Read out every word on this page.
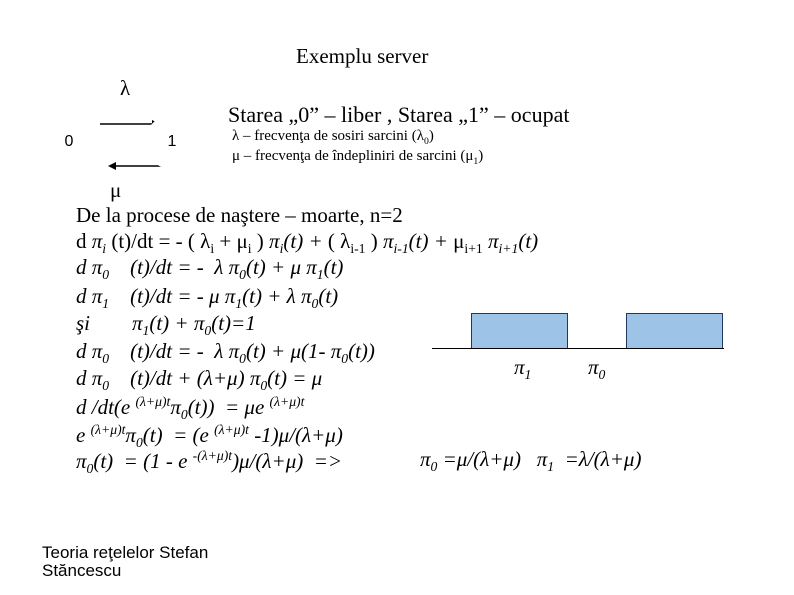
Exemplu server
λ
0	1
μ
Starea „0” – liber , Starea „1” – ocupat
λ – frecvenţa de sosiri sarcini $(\lambda_0)$
μ – frecvenţa de îndepliniri de sarcini $(\mu_1)$
De la procese de naştere – moarte, n=2
d $\pi_i$ (t)/dt = - ( $\lambda_i + \mu_i$ ) $\pi_i(t)$ + ( $\lambda_{i-1}$ ) $\pi_{i-1}(t) + \mu_{i+1}$ $\pi_{i+1}(t)$
d $\pi_0$    (t)/dt = -  λ $\pi_0(t) + \mu$ $\pi_1(t)$
d $\pi_1$    (t)/dt = - μ $\pi_1(t) + \lambda$ $\pi_0(t)$
şi        $\pi_1(t) + \pi_0(t)=1$
d $\pi_0$    (t)/dt = -  λ $\pi_0(t) + \mu(1-$ $\pi_0(t)$)
d $\pi_0$    (t)/dt + (λ+μ) $\pi_0(t) = \mu$
d /dt(e $^{(\lambda+\mu)t}\pi_0(t)) = \mu e$ $^{(\lambda+\mu)t}$
e $^{(\lambda+\mu)t}\pi_0(t) = (e$ $^{(\lambda+\mu)t}$ -1)μ/(λ+μ)
$\pi_0(t) = (1 - e$ $^{-(\lambda+\mu)t}$)μ/(λ+μ)  =>
$\pi_1$	$\pi_0$
$\pi_0 =\mu/(\lambda+\mu)$   $\pi_1 =\lambda/(\lambda+\mu)$
Teoria reţelelor Stefan Stăncescu
